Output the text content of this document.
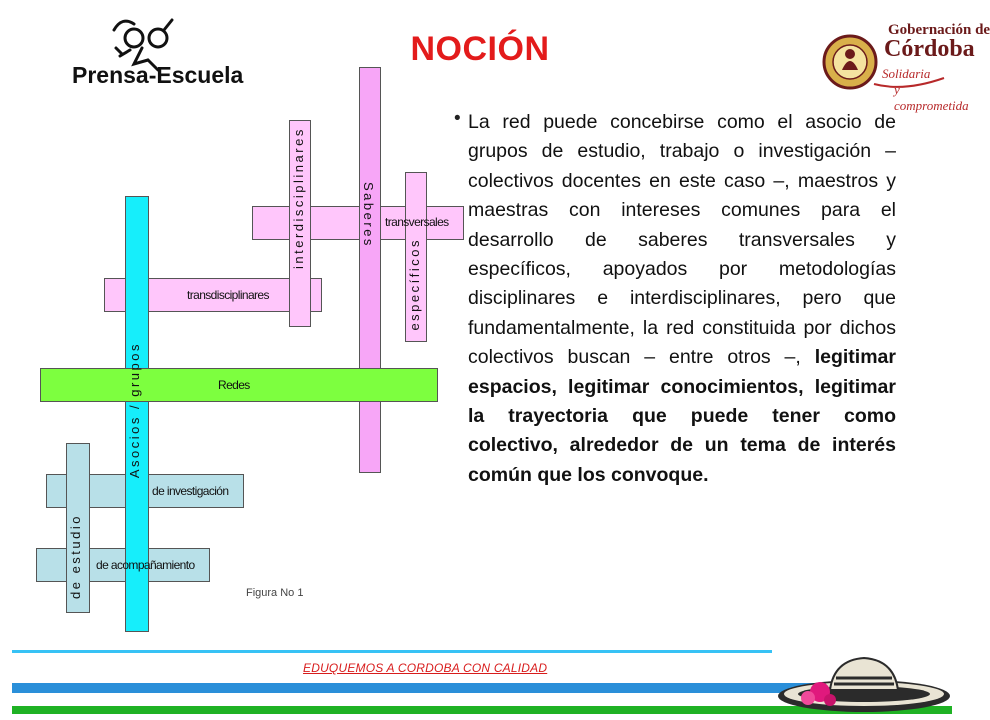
NOCIÓN
Prensa-Escuela
Gobernación de
Córdoba
Solidaria
y comprometida
transversales
transdisciplinares
Redes
de investigación
de acompañamiento
interdisciplinares	Saberes
específicos
Asocios / grupos
de estudio	Figura No 1
• La red puede concebirse como el asocio de grupos de estudio, trabajo o investigación – colectivos docentes en este caso –, maestros y maestras con intereses comunes para el desarrollo de saberes transversales y específicos, apoyados por metodologías disciplinares e interdisciplinares, pero que fundamentalmente, la red constituida por dichos colectivos buscan – entre otros –, legitimar espacios, legitimar conocimientos, legitimar la trayectoria que puede tener como colectivo, alrededor de un tema de interés común que los convoque.

EDUQUEMOS A CORDOBA CON CALIDAD
